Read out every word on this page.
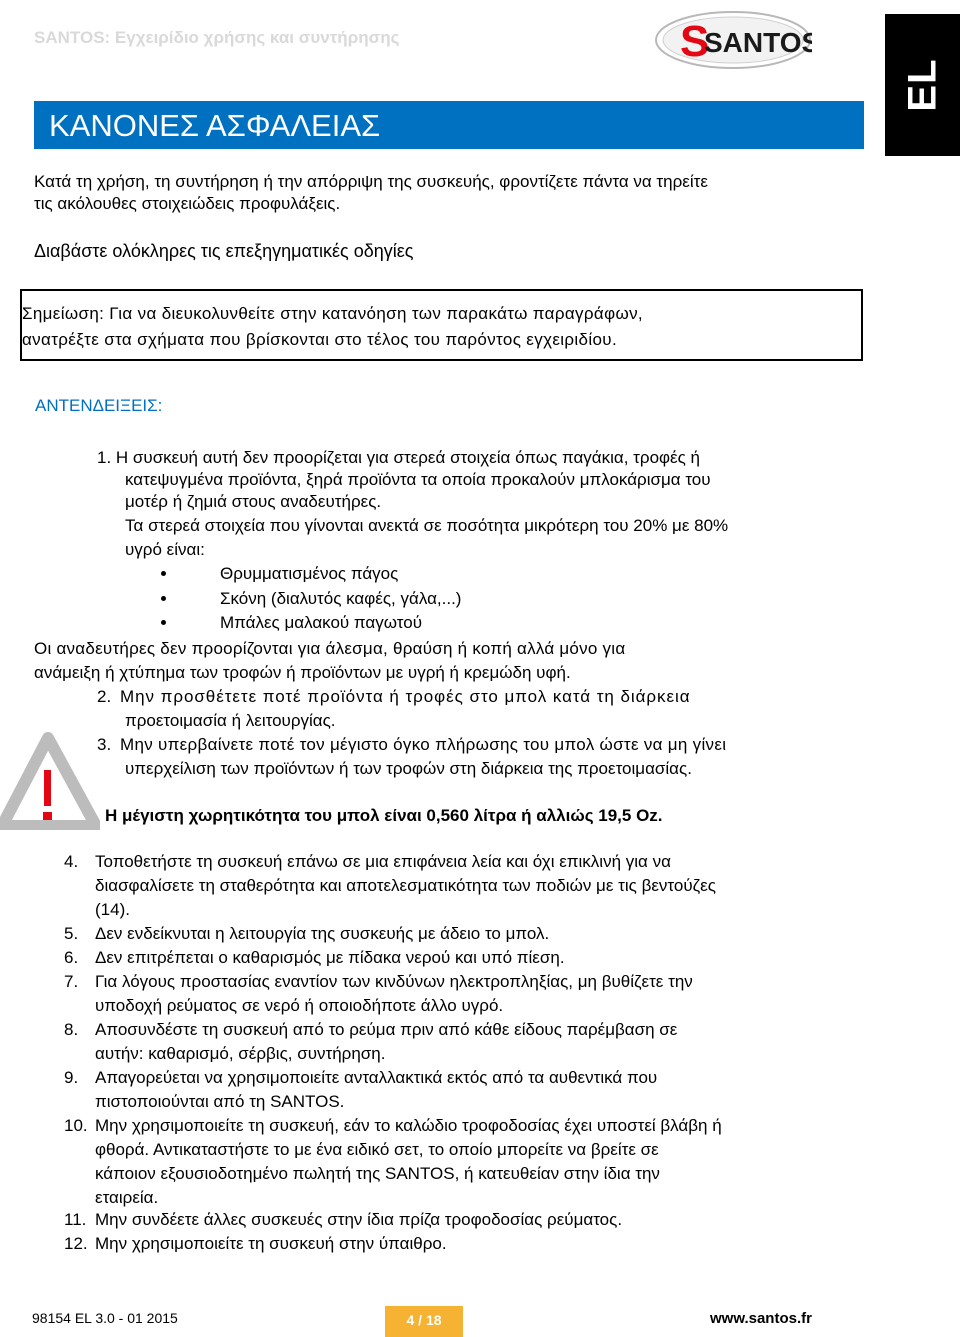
SANTOS: Εγχειρίδιο χρήσης και συντήρησης	S
SANTOS
EL
ΚΑΝΟΝΕΣ ΑΣΦΑΛΕΙΑΣ
Κατά τη χρήση, τη συντήρηση ή την απόρριψη της συσκευής, φροντίζετε πάντα να τηρείτε
τις ακόλουθες στοιχειώδεις προφυλάξεις.
Διαβάστε ολόκληρες τις επεξηγηματικές οδηγίες
Σημείωση: Για να διευκολυνθείτε στην κατανόηση των παρακάτω παραγράφων,
ανατρέξτε στα σχήματα που βρίσκονται στο τέλος του παρόντος εγχειριδίου.
ΑΝΤΕΝΔΕΙΞΕΙΣ:
1. Η συσκευή αυτή δεν προορίζεται για στερεά στοιχεία όπως παγάκια, τροφές ή
κατεψυγμένα προϊόντα, ξηρά προϊόντα τα οποία προκαλούν μπλοκάρισμα του
μοτέρ ή ζημιά στους αναδευτήρες.
Τα στερεά στοιχεία που γίνονται ανεκτά σε ποσότητα μικρότερη του 20% με 80%
υγρό είναι:
Θρυμματισμένος πάγος
Σκόνη (διαλυτός καφές, γάλα,...)
Μπάλες μαλακού παγωτού
Οι αναδευτήρες δεν προορίζονται για άλεσμα, θραύση ή κοπή αλλά μόνο για
ανάμειξη ή χτύπημα των τροφών ή προϊόντων με υγρή ή κρεμώδη υφή.
2. Μην προσθέτετε ποτέ προϊόντα ή τροφές στο μπολ κατά τη διάρκεια
προετοιμασία ή λειτουργίας.
3. Μην υπερβαίνετε ποτέ τον μέγιστο όγκο πλήρωσης του μπολ ώστε να μη γίνει
υπερχείλιση των προϊόντων ή των τροφών στη διάρκεια της προετοιμασίας.
Η μέγιστη χωρητικότητα του μπολ είναι 0,560 λίτρα ή αλλιώς 19,5 Oz.
4. Τοποθετήστε τη συσκευή επάνω σε μια επιφάνεια λεία και όχι επικλινή για να
διασφαλίσετε τη σταθερότητα και αποτελεσματικότητα των ποδιών με τις βεντούζες
(14).
5. Δεν ενδείκνυται η λειτουργία της συσκευής με άδειο το μπολ.
6. Δεν επιτρέπεται ο καθαρισμός με πίδακα νερού και υπό πίεση.
7. Για λόγους προστασίας εναντίον των κινδύνων ηλεκτροπληξίας, μη βυθίζετε την
υποδοχή ρεύματος σε νερό ή οποιοδήποτε άλλο υγρό.
8. Αποσυνδέστε τη συσκευή από το ρεύμα πριν από κάθε είδους παρέμβαση σε
αυτήν: καθαρισμό, σέρβις, συντήρηση.
9. Απαγορεύεται να χρησιμοποιείτε ανταλλακτικά εκτός από τα αυθεντικά που
πιστοποιούνται από τη SANTOS.
10. Μην χρησιμοποιείτε τη συσκευή, εάν το καλώδιο τροφοδοσίας έχει υποστεί βλάβη ή
φθορά. Αντικαταστήστε το με ένα ειδικό σετ, το οποίο μπορείτε να βρείτε σε
κάποιον εξουσιοδοτημένο πωλητή της SANTOS, ή κατευθείαν στην ίδια την
εταιρεία.
11. Μην συνδέετε άλλες συσκευές στην ίδια πρίζα τροφοδοσίας ρεύματος.
12. Μην χρησιμοποιείτε τη συσκευή στην ύπαιθρο.
98154 EL 3.0 - 01 2015	4 / 18	www.santos.fr
